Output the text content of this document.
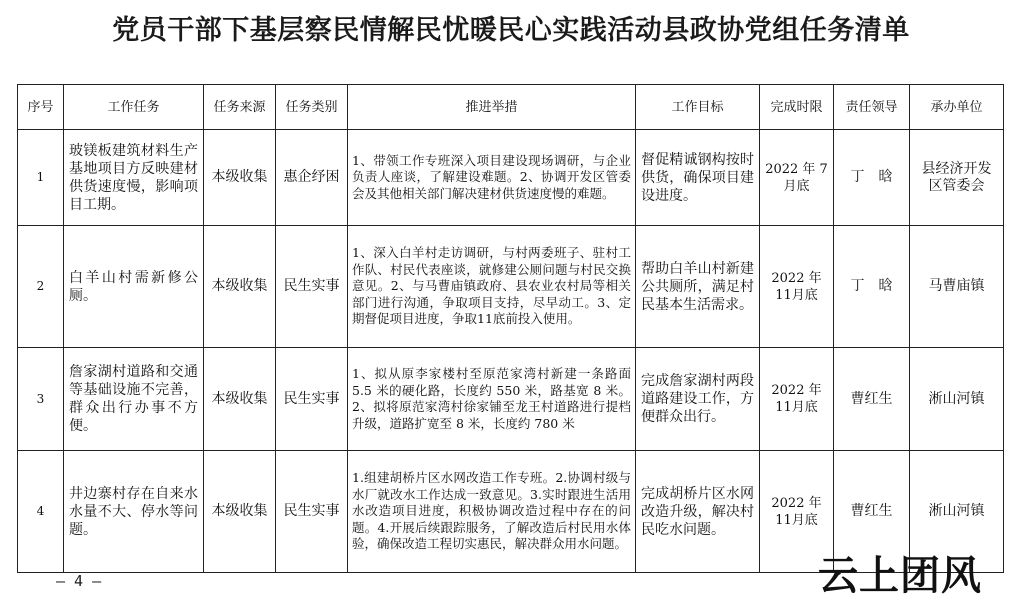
党员干部下基层察民情解民忧暖民心实践活动县政协党组任务清单
序号	工作任务	任务来源	任务类别	推进举措	工作目标	完成时限	责任领导	承办单位
1	玻镁板建筑材料生产基地项目方反映建材供货速度慢，影响项目工期。	本级收集	惠企纾困	1、带领工作专班深入项目建设现场调研，与企业负责人座谈，了解建设难题。2、协调开发区管委会及其他相关部门解决建材供货速度慢的难题。	督促精诚钢构按时供货，确保项目建设进度。	2022 年 7月底	丁　晗	县经济开发区管委会
2	白羊山村需新修公厕。	本级收集	民生实事	1、深入白羊村走访调研，与村两委班子、驻村工作队、村民代表座谈，就修建公厕问题与村民交换意见。2、与马曹庙镇政府、县农业农村局等相关部门进行沟通，争取项目支持，尽早动工。3、定期督促项目进度，争取11底前投入使用。	帮助白羊山村新建公共厕所，满足村民基本生活需求。	2022 年 11月底	丁　晗	马曹庙镇
3	詹家湖村道路和交通等基础设施不完善，群众出行办事不方便。	本级收集	民生实事	1、拟从原李家楼村至原范家湾村新建一条路面 5.5 米的硬化路，长度约 550 米，路基宽 8 米。2、拟将原范家湾村徐家铺至龙王村道路进行提档升级，道路扩宽至 8 米，长度约 780 米	完成詹家湖村两段道路建设工作，方便群众出行。	2022 年 11月底	曹红生	淅山河镇
4	井边寨村存在自来水水量不大、停水等问题。	本级收集	民生实事	1.组建胡桥片区水网改造工作专班。2.协调村级与水厂就改水工作达成一致意见。3.实时跟进生活用水改造项目进度，积极协调改造过程中存在的问题。4.开展后续跟踪服务，了解改造后村民用水体验，确保改造工程切实惠民，解决群众用水问题。	完成胡桥片区水网改造升级，解决村民吃水问题。	2022 年 11月底	曹红生	淅山河镇
— 4 —	云上团风
